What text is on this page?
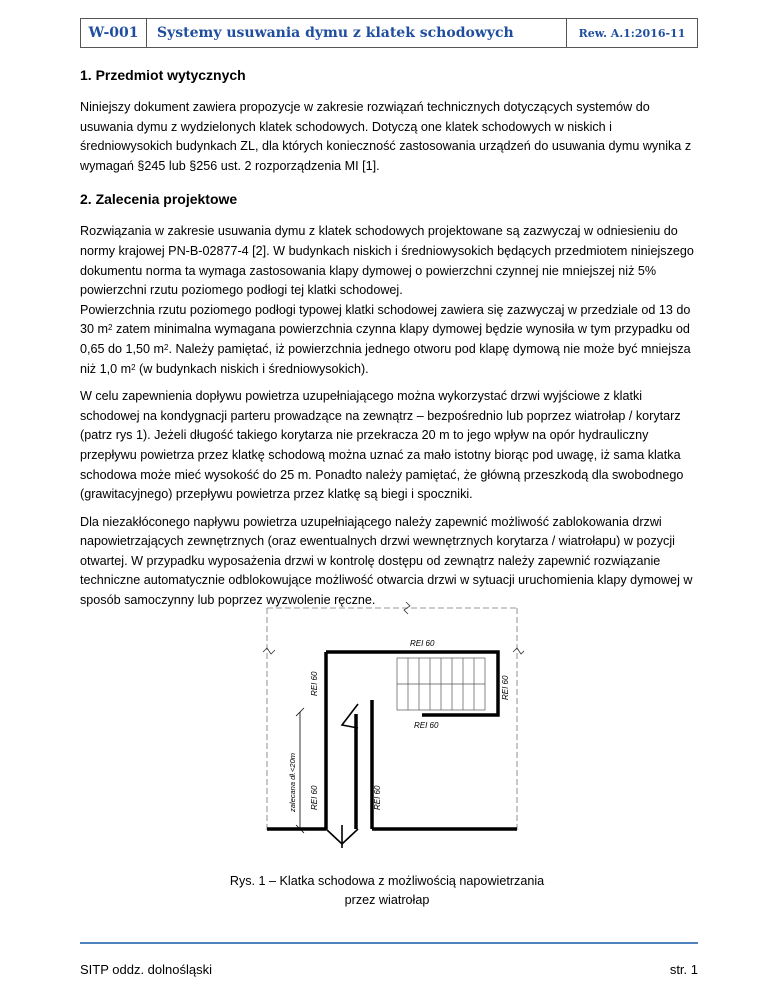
W-001	Systemy usuwania dymu z klatek schodowych	Rew. A.1:2016-11
1. Przedmiot wytycznych

Niniejszy dokument zawiera propozycje w zakresie rozwiązań technicznych dotyczących systemów do usuwania dymu z wydzielonych klatek schodowych. Dotyczą one klatek schodowych w niskich i średniowysokich budynkach ZL, dla których konieczność zastosowania urządzeń do usuwania dymu wynika z wymagań §245 lub §256 ust. 2 rozporządzenia MI [1].

2. Zalecenia projektowe

Rozwiązania w zakresie usuwania dymu z klatek schodowych projektowane są zazwyczaj w odniesieniu do normy krajowej PN-B-02877-4 [2]. W budynkach niskich i średniowysokich będących przedmiotem niniejszego dokumentu norma ta wymaga zastosowania klapy dymowej o powierzchni czynnej nie mniejszej niż 5% powierzchni rzutu poziomego podłogi tej klatki schodowej.

Powierzchnia rzutu poziomego podłogi typowej klatki schodowej zawiera się zazwyczaj w przedziale od 13 do 30 $m^2$ zatem minimalna wymagana powierzchnia czynna klapy dymowej będzie wynosiła w tym przypadku od 0,65 do 1,50 $m^2$. Należy pamiętać, iż powierzchnia jednego otworu pod klapę dymową nie może być mniejsza niż 1,0 $m^2$ (w budynkach niskich i średniowysokich).

W celu zapewnienia dopływu powietrza uzupełniającego można wykorzystać drzwi wyjściowe z klatki schodowej na kondygnacji parteru prowadzące na zewnątrz – bezpośrednio lub poprzez wiatrołap / korytarz (patrz rys 1). Jeżeli długość takiego korytarza nie przekracza 20 m to jego wpływ na opór hydrauliczny przepływu powietrza przez klatkę schodową można uznać za mało istotny biorąc pod uwagę, iż sama klatka schodowa może mieć wysokość do 25 m. Ponadto należy pamiętać, że główną przeszkodą dla swobodnego (grawitacyjnego) przepływu powietrza przez klatkę są biegi i spoczniki.

Dla niezakłóconego napływu powietrza uzupełniającego należy zapewnić możliwość zablokowania drzwi napowietrzających zewnętrznych (oraz ewentualnych drzwi wewnętrznych korytarza / wiatrołapu) w pozycji otwartej. W przypadku wyposażenia drzwi w kontrolę dostępu od zewnątrz należy zapewnić rozwiązanie techniczne automatycznie odblokowujące możliwość otwarcia drzwi w sytuacji uruchomienia klapy dymowej w sposób samoczynny lub poprzez wyzwolenie ręczne.

REI 60
REI 60
REI 60	REI 60
REI 60	REI 60
zalecana dł.<20m
Rys. 1 – Klatka schodowa z możliwością napowietrzania
przez wiatrołap
SITP oddz. dolnośląski	str. 1
